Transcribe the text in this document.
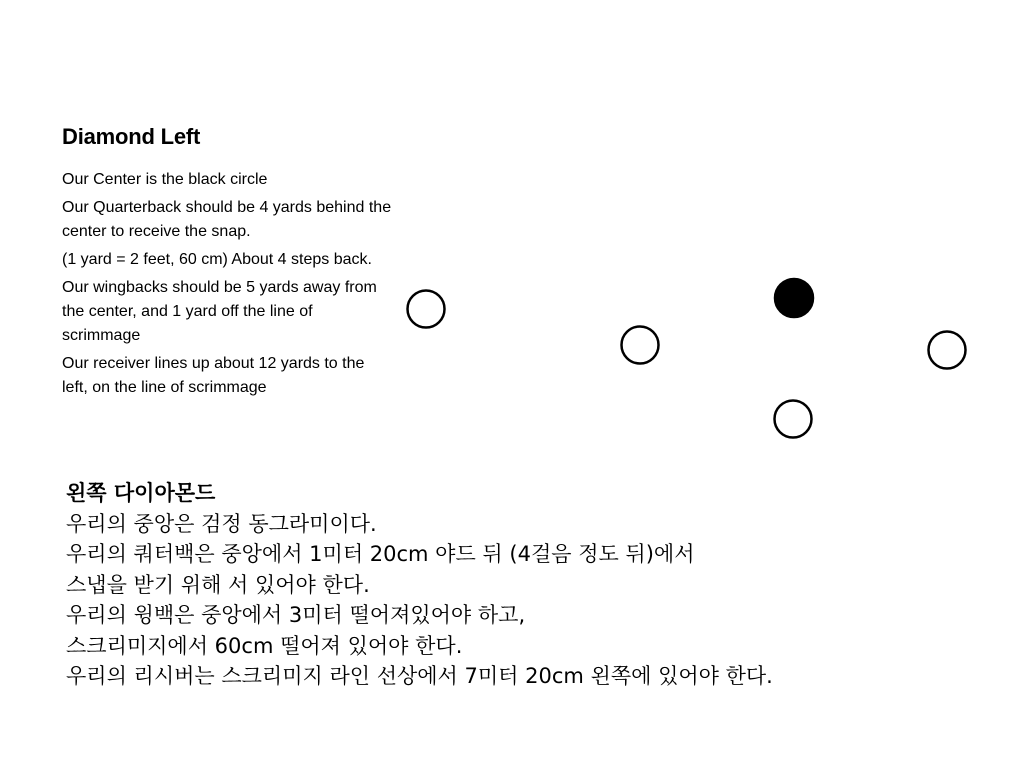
Diamond Left

Our Center is the black circle

Our Quarterback should be 4 yards behind the center to receive the snap.

(1 yard = 2 feet, 60 cm) About 4 steps back.

Our wingbacks should be 5 yards away from the center, and 1 yard off the line of scrimmage

Our receiver lines up about 12 yards to the left, on the line of scrimmage

왼쪽 다이아몬드
우리의 중앙은 검정 동그라미이다.
우리의 쿼터백은 중앙에서 1미터 20cm 야드 뒤 (4걸음 정도 뒤)에서
스냅을 받기 위해 서 있어야 한다.
우리의 윙백은 중앙에서 3미터 떨어져있어야 하고,
스크리미지에서 60cm 떨어져 있어야 한다.
우리의 리시버는 스크리미지 라인 선상에서 7미터 20cm 왼쪽에 있어야 한다.
